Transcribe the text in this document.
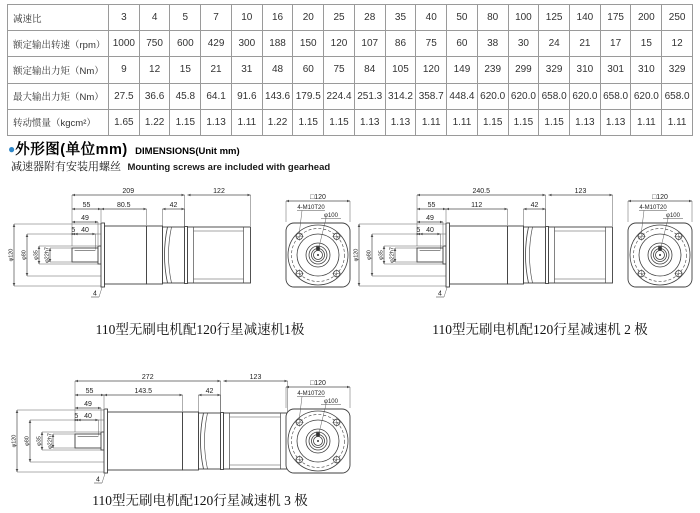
减速比	3	4	5	7	10	16	20	25	28	35	40	50	80	100	125	140	175	200	250
额定输出转速（rpm）	1000	750	600	429	300	188	150	120	107	86	75	60	38	30	24	21	17	15	12
额定输出力矩（Nm）	9	12	15	21	31	48	60	75	84	105	120	149	239	299	329	310	301	310	329
最大输出力矩（Nm）	27.5	36.6	45.8	64.1	91.6	143.6	179.5	224.4	251.3	314.2	358.7	448.4	620.0	620.0	658.0	620.0	658.0	620.0	658.0
转动惯量（kgcm²）	1.65	1.22	1.15	1.13	1.11	1.22	1.15	1.15	1.13	1.13	1.11	1.11	1.15	1.15	1.15	1.13	1.13	1.11	1.11
●外形图(单位mm) DIMENSIONS(Unit mm)
减速器附有安装用螺丝 Mounting screws are included with gearhead
209	122
55	80.5	42
49
5 40
φ120 φ80 φ35 φ22h7
4
□120
4-M10T20
φ100
240.5	123
55	112	42
49
5 40
φ120 φ80 φ35 φ22h7
4
□120
4-M10T20
φ100
272	123
55	143.5	42
49
5 40
φ120 φ80 φ35 φ22h7
4
□120
4-M10T20
φ100
110型无刷电机配120行星减速机1极	110型无刷电机配120行星减速机 2 极
110型无刷电机配120行星减速机 3 极
